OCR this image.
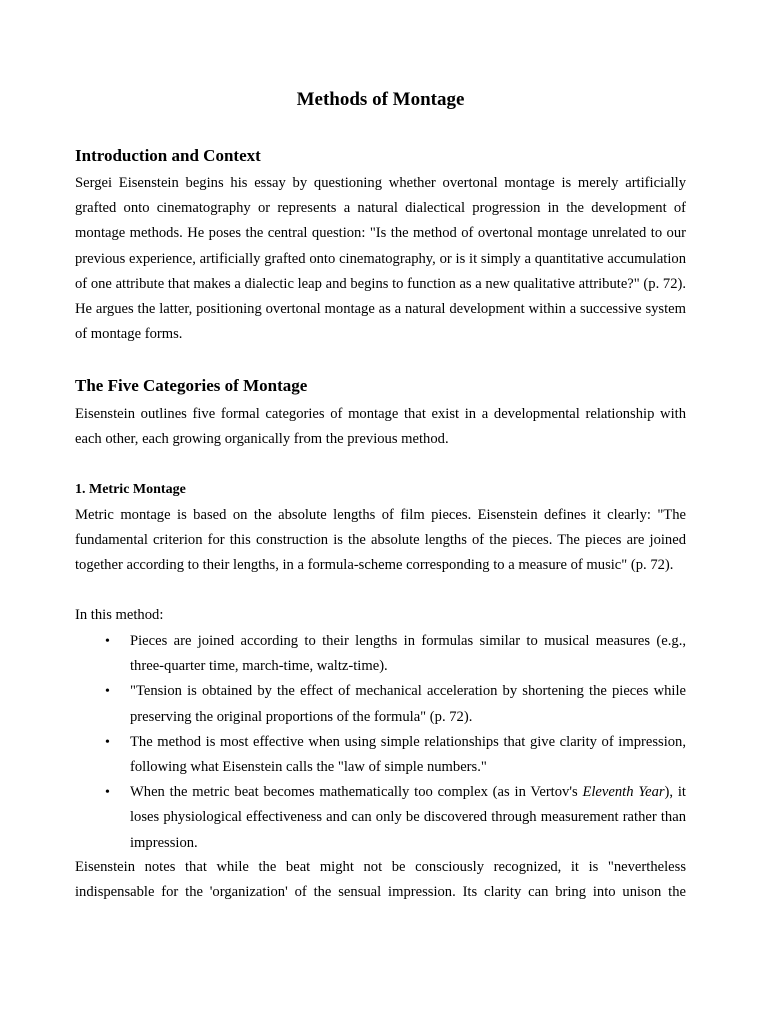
Methods of Montage
Introduction and Context

Sergei Eisenstein begins his essay by questioning whether overtonal montage is merely artificially grafted onto cinematography or represents a natural dialectical progression in the development of montage methods. He poses the central question: "Is the method of overtonal montage unrelated to our previous experience, artificially grafted onto cinematography, or is it simply a quantitative accumulation of one attribute that makes a dialectic leap and begins to function as a new qualitative attribute?" (p. 72). He argues the latter, positioning overtonal montage as a natural development within a successive system of montage forms.

The Five Categories of Montage

Eisenstein outlines five formal categories of montage that exist in a developmental relationship with each other, each growing organically from the previous method.

1. Metric Montage

Metric montage is based on the absolute lengths of film pieces. Eisenstein defines it clearly: "The fundamental criterion for this construction is the absolute lengths of the pieces. The pieces are joined together according to their lengths, in a formula-scheme corresponding to a measure of music" (p. 72).

In this method:

• Pieces are joined according to their lengths in formulas similar to musical measures (e.g., three-quarter time, march-time, waltz-time).
• "Tension is obtained by the effect of mechanical acceleration by shortening the pieces while preserving the original proportions of the formula" (p. 72).
• The method is most effective when using simple relationships that give clarity of impression, following what Eisenstein calls the "law of simple numbers."
• When the metric beat becomes mathematically too complex (as in Vertov's Eleventh Year), it loses physiological effectiveness and can only be discovered through measurement rather than impression.

Eisenstein notes that while the beat might not be consciously recognized, it is "nevertheless indispensable for the 'organization' of the sensual impression. Its clarity can bring into unison the
